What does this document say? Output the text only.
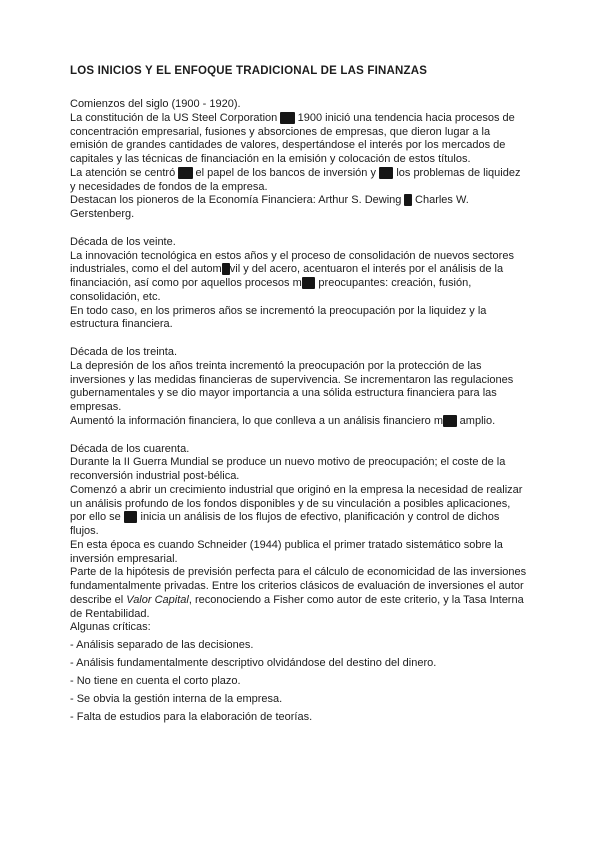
LOS INICIOS Y EL ENFOQUE TRADICIONAL DE LAS FINANZAS

Comienzos del siglo (1900 - 1920).

La constitución de la US Steel Corporation en 1900 inició una tendencia hacia procesos de concentración empresarial, fusiones y absorciones de empresas, que dieron lugar a la emisión de grandes cantidades de valores, despertándose el interés por los mercados de capitales y las técnicas de financiación en la emisión y colocación de estos títulos.

La atención se centró en el papel de los bancos de inversión y en los problemas de liquidez y necesidades de fondos de la empresa.

Destacan los pioneros de la Economía Financiera: Arthur S. Dewing y Charles W. Gerstenberg.

Década de los veinte.

La innovación tecnológica en estos años y el proceso de consolidación de nuevos sectores industriales, como el del automóvil y del acero, acentuaron el interés por el análisis de la financiación, así como por aquellos procesos más preocupantes: creación, fusión, consolidación, etc.

En todo caso, en los primeros años se incrementó la preocupación por la liquidez y la estructura financiera.

Década de los treinta.

La depresión de los años treinta incrementó la preocupación por la protección de las inversiones y las medidas financieras de supervivencia. Se incrementaron las regulaciones gubernamentales y se dio mayor importancia a una sólida estructura financiera para las empresas.

Aumentó la información financiera, lo que conlleva a un análisis financiero más amplio.

Década de los cuarenta.

Durante la II Guerra Mundial se produce un nuevo motivo de preocupación; el coste de la reconversión industrial post-bélica.

Comenzó a abrir un crecimiento industrial que originó en la empresa la necesidad de realizar un análisis profundo de los fondos disponibles y de su vinculación a posibles aplicaciones, por ello se ve inicia un análisis de los flujos de efectivo, planificación y control de dichos flujos.

En esta época es cuando Schneider (1944) publica el primer tratado sistemático sobre la inversión empresarial.

Parte de la hipótesis de previsión perfecta para el cálculo de economicidad de las inversiones fundamentalmente privadas. Entre los criterios clásicos de evaluación de inversiones el autor describe el Valor Capital, reconociendo a Fisher como autor de este criterio, y la Tasa Interna de Rentabilidad.

Algunas críticas:

- Análisis separado de las decisiones.

- Análisis fundamentalmente descriptivo olvidándose del destino del dinero.

- No tiene en cuenta el corto plazo.

- Se obvia la gestión interna de la empresa.

- Falta de estudios para la elaboración de teorías.
